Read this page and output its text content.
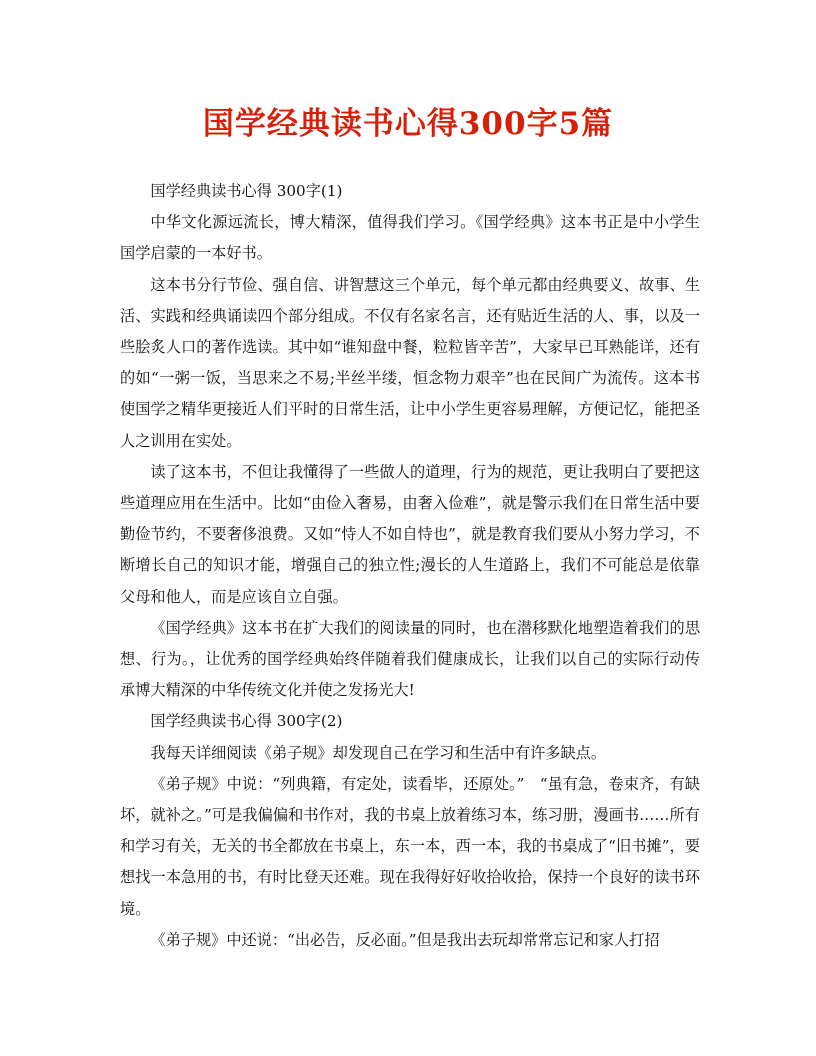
国学经典读书心得300字5篇

国学经典读书心得 300字(1)

中华文化源远流长，博大精深，值得我们学习。《国学经典》这本书正是中小学生国学启蒙的一本好书。

这本书分行节俭、强自信、讲智慧这三个单元，每个单元都由经典要义、故事、生活、实践和经典诵读四个部分组成。不仅有名家名言，还有贴近生活的人、事，以及一些脍炙人口的著作选读。其中如“谁知盘中餐，粒粒皆辛苦”，大家早已耳熟能详，还有的如“一粥一饭，当思来之不易;半丝半缕，恒念物力艰辛”也在民间广为流传。这本书使国学之精华更接近人们平时的日常生活，让中小学生更容易理解，方便记忆，能把圣人之训用在实处。

读了这本书，不但让我懂得了一些做人的道理，行为的规范，更让我明白了要把这些道理应用在生活中。比如“由俭入奢易，由奢入俭难”，就是警示我们在日常生活中要勤俭节约，不要奢侈浪费。又如“恃人不如自恃也”，就是教育我们要从小努力学习，不断增长自己的知识才能，增强自己的独立性;漫长的人生道路上，我们不可能总是依靠父母和他人，而是应该自立自强。

《国学经典》这本书在扩大我们的阅读量的同时，也在潜移默化地塑造着我们的思想、行为。，让优秀的国学经典始终伴随着我们健康成长，让我们以自己的实际行动传承博大精深的中华传统文化并使之发扬光大!

国学经典读书心得 300字(2)

我每天详细阅读《弟子规》却发现自己在学习和生活中有许多缺点。

《弟子规》中说：“列典籍，有定处，读看毕，还原处。”　“虽有急，卷束齐，有缺坏，就补之。”可是我偏偏和书作对，我的书桌上放着练习本，练习册，漫画书……所有和学习有关，无关的书全都放在书桌上，东一本，西一本，我的书桌成了“旧书摊”，要想找一本急用的书，有时比登天还难。现在我得好好收拾收拾，保持一个良好的读书环境。

《弟子规》中还说：“出必告，反必面。”但是我出去玩却常常忘记和家人打招
